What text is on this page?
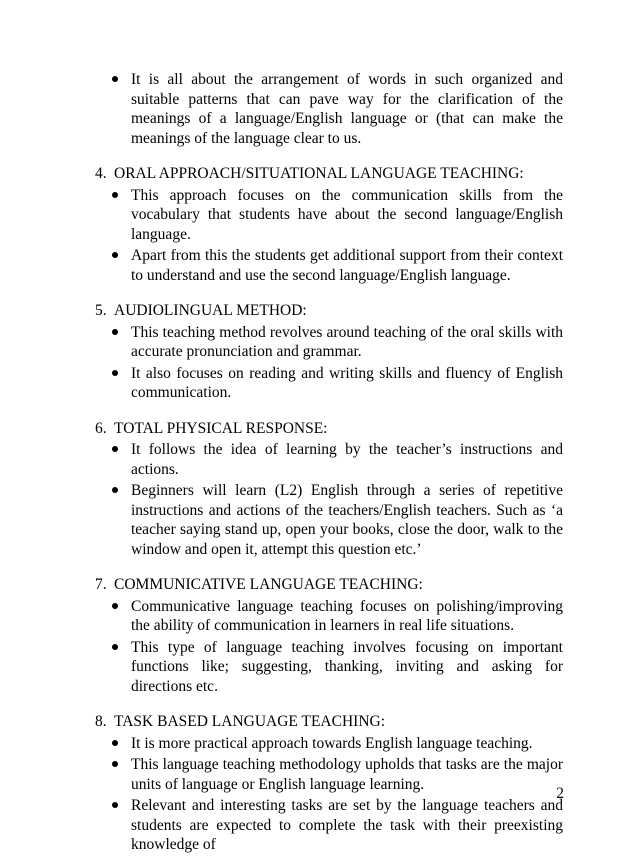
It is all about the arrangement of words in such organized and suitable patterns that can pave way for the clarification of the meanings of a language/English language or (that can make the meanings of the language clear to us.
4. ORAL APPROACH/SITUATIONAL LANGUAGE TEACHING:
This approach focuses on the communication skills from the vocabulary that students have about the second language/English language.
Apart from this the students get additional support from their context to understand and use the second language/English language.
5. AUDIOLINGUAL METHOD:
This teaching method revolves around teaching of the oral skills with accurate pronunciation and grammar.
It also focuses on reading and writing skills and fluency of English communication.
6. TOTAL PHYSICAL RESPONSE:
It follows the idea of learning by the teacher’s instructions and actions.
Beginners will learn (L2) English through a series of repetitive instructions and actions of the teachers/English teachers. Such as ‘a teacher saying stand up, open your books, close the door, walk to the window and open it, attempt this question etc.’
7. COMMUNICATIVE LANGUAGE TEACHING:
Communicative language teaching focuses on polishing/improving the ability of communication in learners in real life situations.
This type of language teaching involves focusing on important functions like; suggesting, thanking, inviting and asking for directions etc.
8. TASK BASED LANGUAGE TEACHING:
It is more practical approach towards English language teaching.
This language teaching methodology upholds that tasks are the major units of language or English language learning.
Relevant and interesting tasks are set by the language teachers and students are expected to complete the task with their preexisting knowledge of
2
